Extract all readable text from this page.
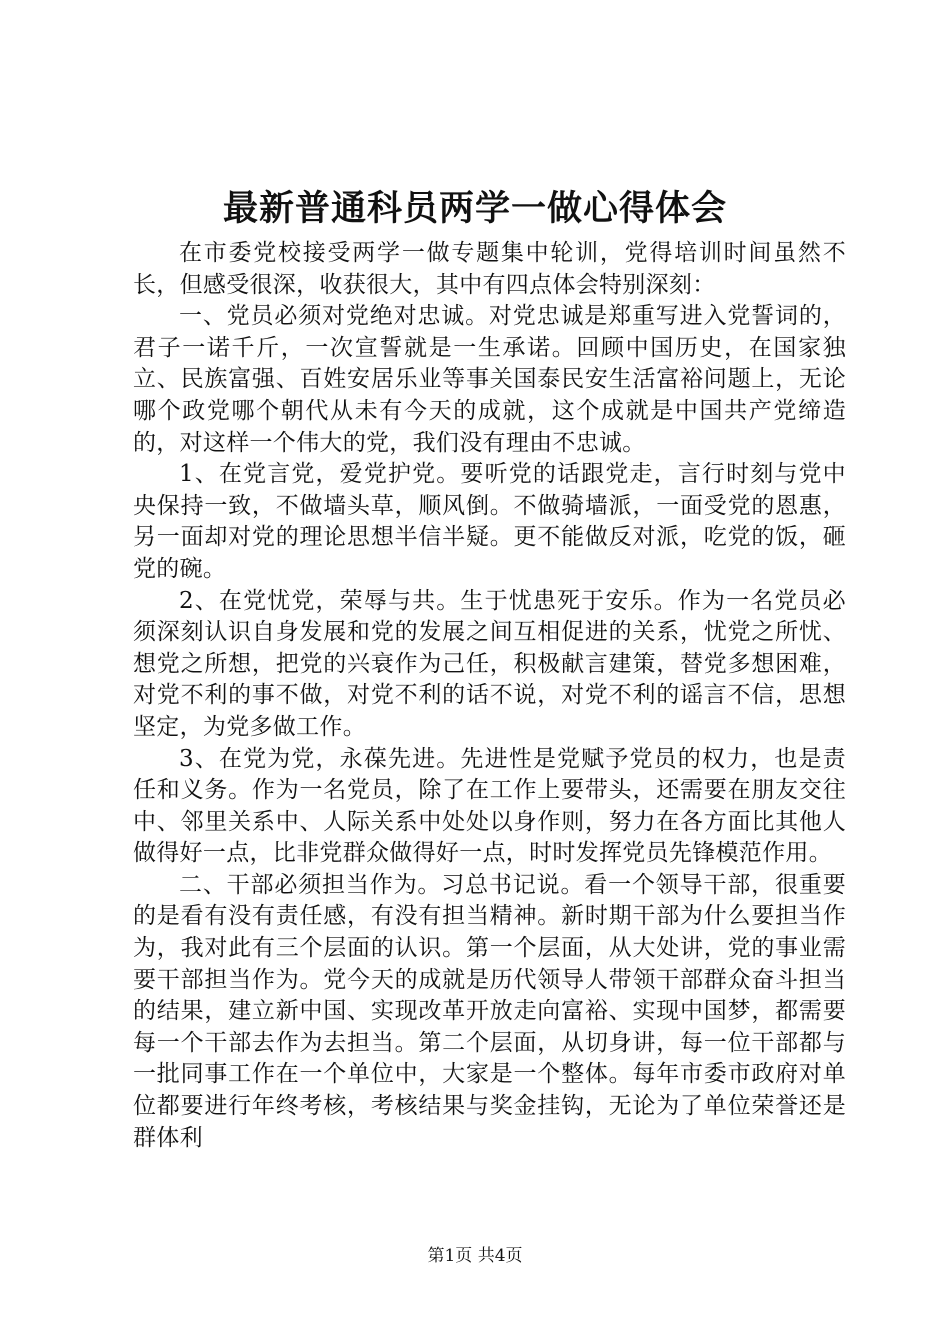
最新普通科员两学一做心得体会

在市委党校接受两学一做专题集中轮训，党得培训时间虽然不长，但感受很深，收获很大，其中有四点体会特别深刻：

一、党员必须对党绝对忠诚。对党忠诚是郑重写进入党誓词的，君子一诺千斤，一次宣誓就是一生承诺。回顾中国历史，在国家独立、民族富强、百姓安居乐业等事关国泰民安生活富裕问题上，无论哪个政党哪个朝代从未有今天的成就，这个成就是中国共产党缔造的，对这样一个伟大的党，我们没有理由不忠诚。

1、在党言党，爱党护党。要听党的话跟党走，言行时刻与党中央保持一致，不做墙头草，顺风倒。不做骑墙派，一面受党的恩惠，另一面却对党的理论思想半信半疑。更不能做反对派，吃党的饭，砸党的碗。

2、在党忧党，荣辱与共。生于忧患死于安乐。作为一名党员必须深刻认识自身发展和党的发展之间互相促进的关系，忧党之所忧、想党之所想，把党的兴衰作为己任，积极献言建策，替党多想困难，对党不利的事不做，对党不利的话不说，对党不利的谣言不信，思想坚定，为党多做工作。

3、在党为党，永葆先进。先进性是党赋予党员的权力，也是责任和义务。作为一名党员，除了在工作上要带头，还需要在朋友交往中、邻里关系中、人际关系中处处以身作则，努力在各方面比其他人做得好一点，比非党群众做得好一点，时时发挥党员先锋模范作用。

二、干部必须担当作为。习总书记说。看一个领导干部，很重要的是看有没有责任感，有没有担当精神。新时期干部为什么要担当作为，我对此有三个层面的认识。第一个层面，从大处讲，党的事业需要干部担当作为。党今天的成就是历代领导人带领干部群众奋斗担当的结果，建立新中国、实现改革开放走向富裕、实现中国梦，都需要每一个干部去作为去担当。第二个层面，从切身讲，每一位干部都与一批同事工作在一个单位中，大家是一个整体。每年市委市政府对单位都要进行年终考核，考核结果与奖金挂钩，无论为了单位荣誉还是群体利

第1页 共4页
